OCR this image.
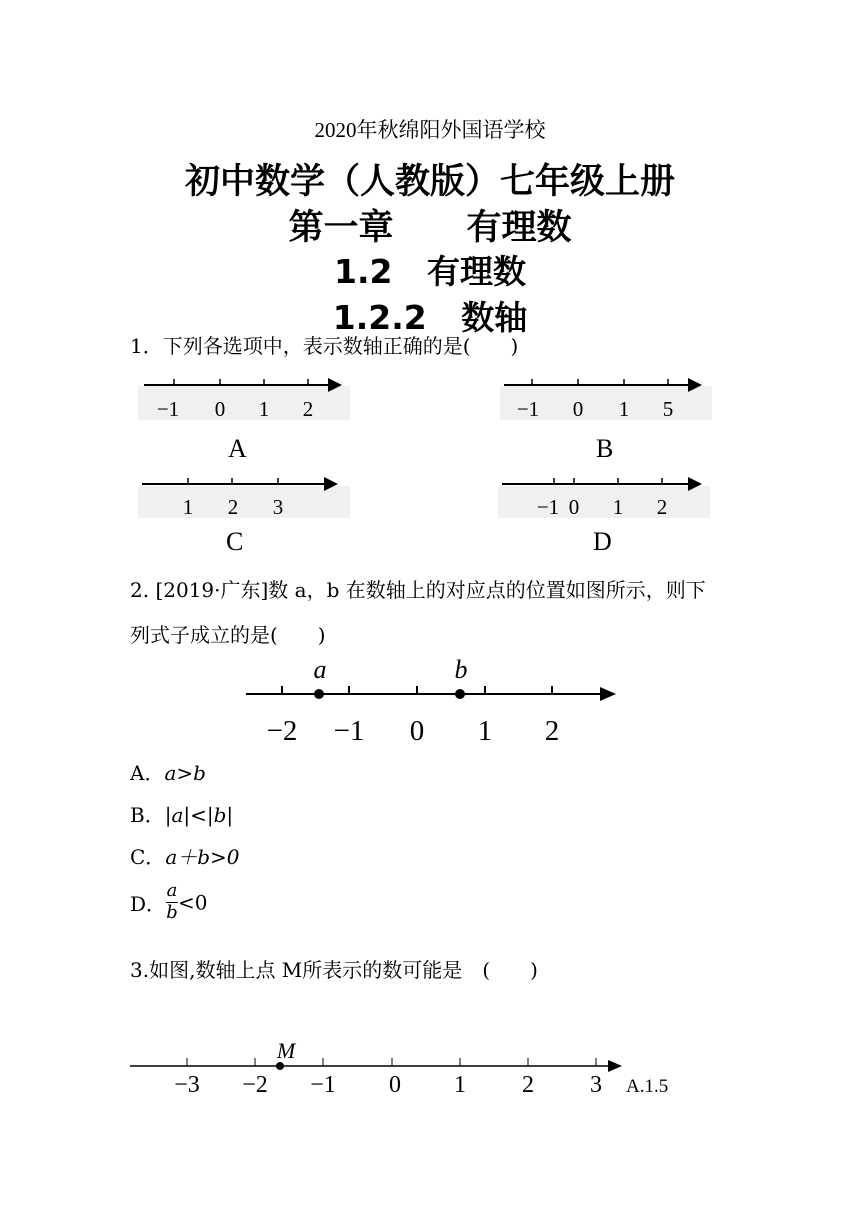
2020年秋绵阳外国语学校
初中数学（人教版）七年级上册
第一章      有理数
1.2   有理数
1.2.2   数轴
1．下列各选项中，表示数轴正确的是(　　)
−1 0 1 2
A
−1 0 1 5
B
1 2 3
C
−1 0 1 2
D
2. [2019·广东]数 a，b 在数轴上的对应点的位置如图所示，则下
列式子成立的是(　　)
a	b
−2 −1 0 1 2
A．a>b
B．|a|<|b|
C．a＋b>0
D．$\frac{a}{b}<0$
3.如图,数轴上点 M所表示的数可能是　(　　)
M
−3 −2 −1 0 1 2 3 A.1.5
